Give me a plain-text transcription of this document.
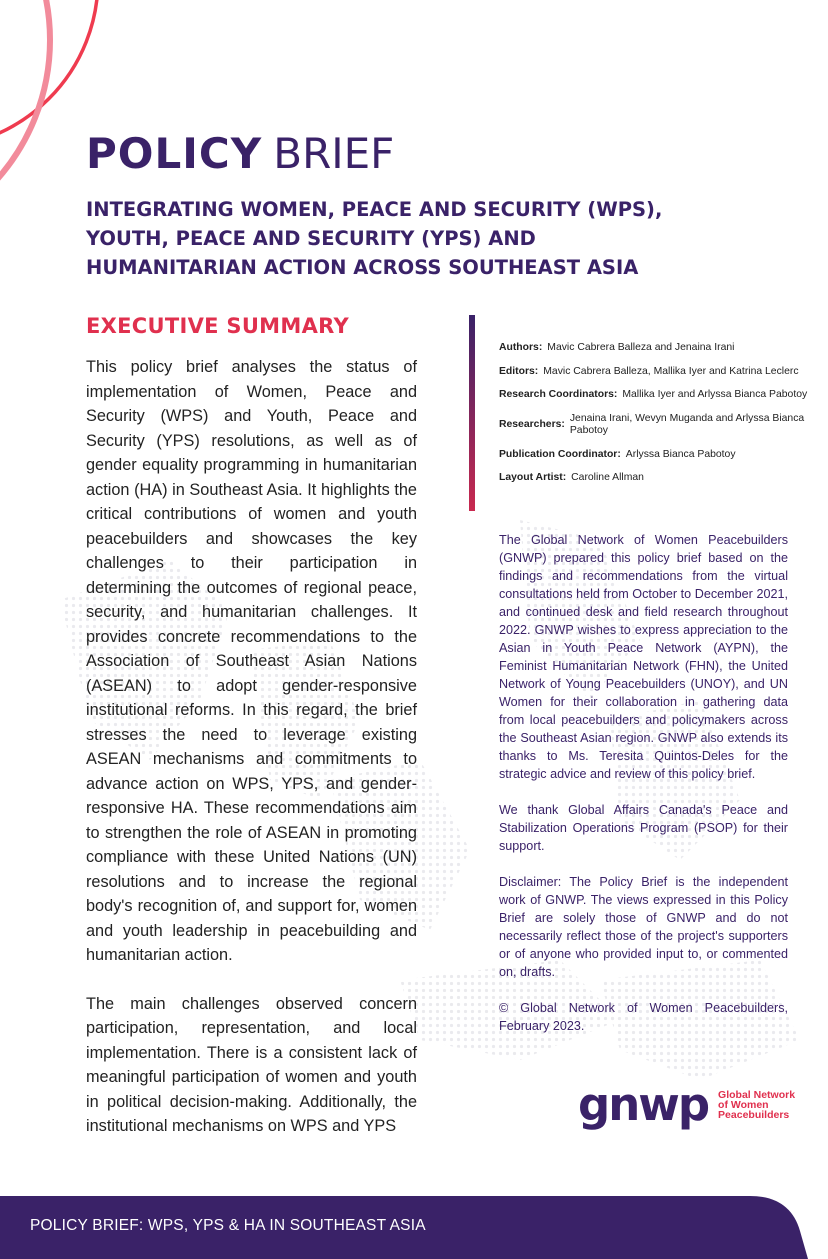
POLICY BRIEF
INTEGRATING WOMEN, PEACE AND SECURITY (WPS),
YOUTH, PEACE AND SECURITY (YPS) AND
HUMANITARIAN ACTION ACROSS SOUTHEAST ASIA
EXECUTIVE SUMMARY

This policy brief analyses the status of implementation of Women, Peace and Security (WPS) and Youth, Peace and Security (YPS) resolutions, as well as of gender equality programming in humanitarian action (HA) in Southeast Asia. It highlights the critical contributions of women and youth peacebuilders and showcases the key challenges to their participation in determining the outcomes of regional peace, security, and humanitarian challenges. It provides concrete recommendations to the Association of Southeast Asian Nations (ASEAN) to adopt gender-responsive institutional reforms. In this regard, the brief stresses the need to leverage existing ASEAN mechanisms and commitments to advance action on WPS, YPS, and gender-responsive HA. These recommendations aim to strengthen the role of ASEAN in promoting compliance with these United Nations (UN) resolutions and to increase the regional body's recognition of, and support for, women and youth leadership in peacebuilding and humanitarian action.

The main challenges observed concern participation, representation, and local implementation. There is a consistent lack of meaningful participation of women and youth in political decision-making. Additionally, the institutional mechanisms on WPS and YPS

Authors: Mavic Cabrera Balleza and Jenaina Irani
Editors: Mavic Cabrera Balleza, Mallika Iyer and Katrina Leclerc
Research Coordinators: Mallika Iyer and Arlyssa Bianca Pabotoy
Researchers:
Jenaina Irani, Wevyn Muganda and Arlyssa Bianca Pabotoy
Publication Coordinator: Arlyssa Bianca Pabotoy
Layout Artist: Caroline Allman

The Global Network of Women Peacebuilders (GNWP) prepared this policy brief based on the findings and recommendations from the virtual consultations held from October to December 2021, and continued desk and field research throughout 2022. GNWP wishes to express appreciation to the Asian in Youth Peace Network (AYPN), the Feminist Humanitarian Network (FHN), the United Network of Young Peacebuilders (UNOY), and UN Women for their collaboration in gathering data from local peacebuilders and policymakers across the Southeast Asian region. GNWP also extends its thanks to Ms. Teresita Quintos-Deles for the strategic advice and review of this policy brief.

We thank Global Affairs Canada's Peace and Stabilization Operations Program (PSOP) for their support.

Disclaimer: The Policy Brief is the independent work of GNWP. The views expressed in this Policy Brief are solely those of GNWP and do not necessarily reflect those of the project's supporters or of anyone who provided input to, or commented on, drafts.

© Global Network of Women Peacebuilders, February 2023.

gnwp Global Network
of Women
Peacebuilders
POLICY BRIEF: WPS, YPS & HA IN SOUTHEAST ASIA
